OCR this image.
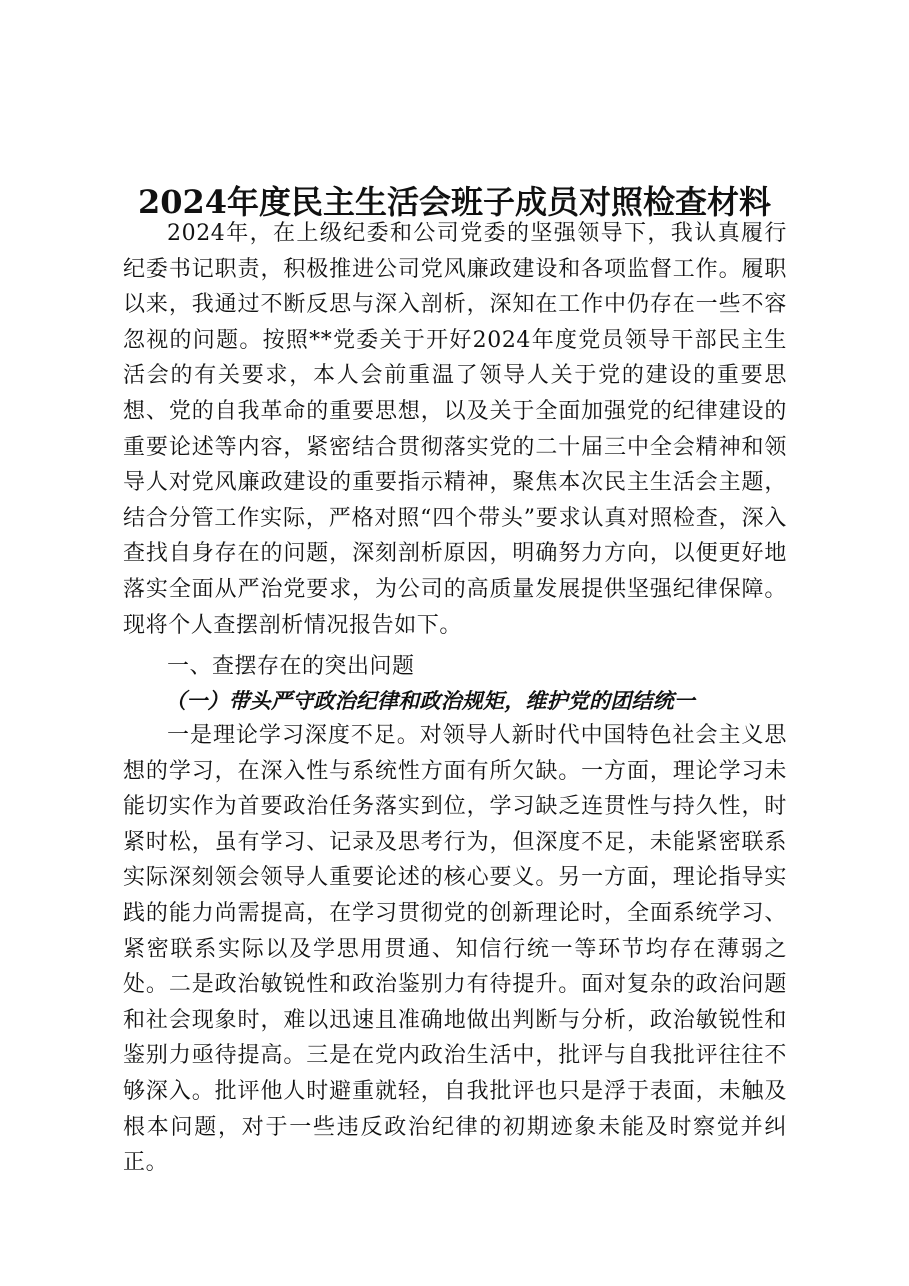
2024年度民主生活会班子成员对照检查材料

2024年，在上级纪委和公司党委的坚强领导下，我认真履行纪委书记职责，积极推进公司党风廉政建设和各项监督工作。履职以来，我通过不断反思与深入剖析，深知在工作中仍存在一些不容忽视的问题。按照**党委关于开好2024年度党员领导干部民主生活会的有关要求，本人会前重温了领导人关于党的建设的重要思想、党的自我革命的重要思想，以及关于全面加强党的纪律建设的重要论述等内容，紧密结合贯彻落实党的二十届三中全会精神和领导人对党风廉政建设的重要指示精神，聚焦本次民主生活会主题，结合分管工作实际，严格对照“四个带头”要求认真对照检查，深入查找自身存在的问题，深刻剖析原因，明确努力方向，以便更好地落实全面从严治党要求，为公司的高质量发展提供坚强纪律保障。现将个人查摆剖析情况报告如下。

一、查摆存在的突出问题
（一）带头严守政治纪律和政治规矩，维护党的团结统一

一是理论学习深度不足。对领导人新时代中国特色社会主义思想的学习，在深入性与系统性方面有所欠缺。一方面，理论学习未能切实作为首要政治任务落实到位，学习缺乏连贯性与持久性，时紧时松，虽有学习、记录及思考行为，但深度不足，未能紧密联系实际深刻领会领导人重要论述的核心要义。另一方面，理论指导实践的能力尚需提高，在学习贯彻党的创新理论时，全面系统学习、紧密联系实际以及学思用贯通、知信行统一等环节均存在薄弱之处。二是政治敏锐性和政治鉴别力有待提升。面对复杂的政治问题和社会现象时，难以迅速且准确地做出判断与分析，政治敏锐性和鉴别力亟待提高。三是在党内政治生活中，批评与自我批评往往不够深入。批评他人时避重就轻，自我批评也只是浮于表面，未触及根本问题，对于一些违反政治纪律的初期迹象未能及时察觉并纠正。
